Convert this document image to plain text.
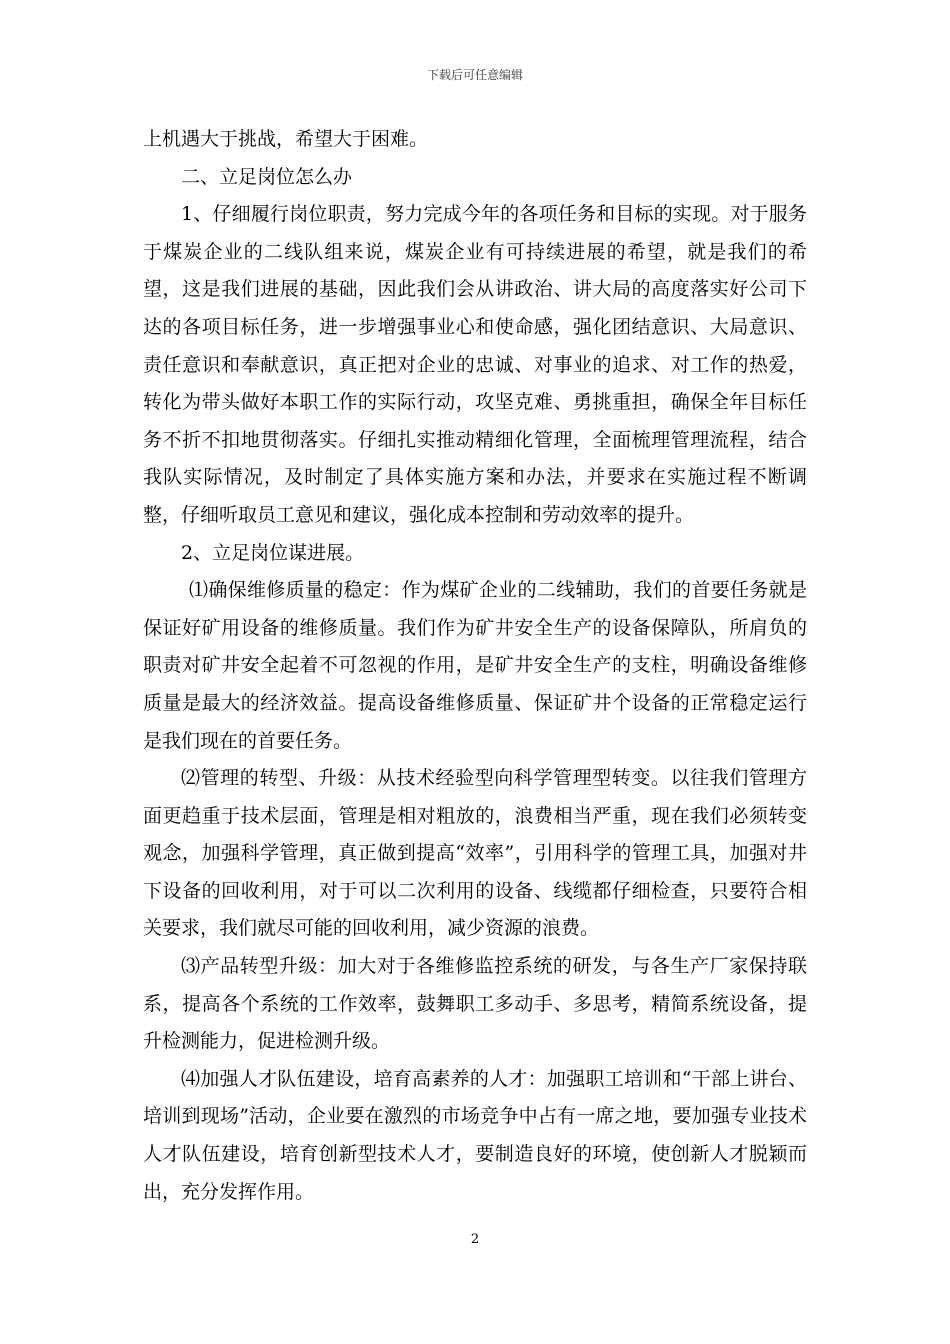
下载后可任意编辑

上机遇大于挑战，希望大于困难。

二、立足岗位怎么办

1、仔细履行岗位职责，努力完成今年的各项任务和目标的实现。对于服务于煤炭企业的二线队组来说，煤炭企业有可持续进展的希望，就是我们的希望，这是我们进展的基础，因此我们会从讲政治、讲大局的高度落实好公司下达的各项目标任务，进一步增强事业心和使命感，强化团结意识、大局意识、责任意识和奉献意识，真正把对企业的忠诚、对事业的追求、对工作的热爱，转化为带头做好本职工作的实际行动，攻坚克难、勇挑重担，确保全年目标任务不折不扣地贯彻落实。仔细扎实推动精细化管理，全面梳理管理流程，结合我队实际情况，及时制定了具体实施方案和办法，并要求在实施过程不断调整，仔细听取员工意见和建议，强化成本控制和劳动效率的提升。

2、立足岗位谋进展。

⑴确保维修质量的稳定：作为煤矿企业的二线辅助，我们的首要任务就是保证好矿用设备的维修质量。我们作为矿井安全生产的设备保障队，所肩负的职责对矿井安全起着不可忽视的作用，是矿井安全生产的支柱，明确设备维修质量是最大的经济效益。提高设备维修质量、保证矿井个设备的正常稳定运行是我们现在的首要任务。

⑵管理的转型、升级：从技术经验型向科学管理型转变。以往我们管理方面更趋重于技术层面，管理是相对粗放的，浪费相当严重，现在我们必须转变观念，加强科学管理，真正做到提高“效率”，引用科学的管理工具，加强对井下设备的回收利用，对于可以二次利用的设备、线缆都仔细检查，只要符合相关要求，我们就尽可能的回收利用，减少资源的浪费。

⑶产品转型升级：加大对于各维修监控系统的研发，与各生产厂家保持联系，提高各个系统的工作效率，鼓舞职工多动手、多思考，精简系统设备，提升检测能力，促进检测升级。

⑷加强人才队伍建设，培育高素养的人才：加强职工培训和“干部上讲台、培训到现场”活动，企业要在激烈的市场竞争中占有一席之地，要加强专业技术人才队伍建设，培育创新型技术人才，要制造良好的环境，使创新人才脱颖而出，充分发挥作用。

2
